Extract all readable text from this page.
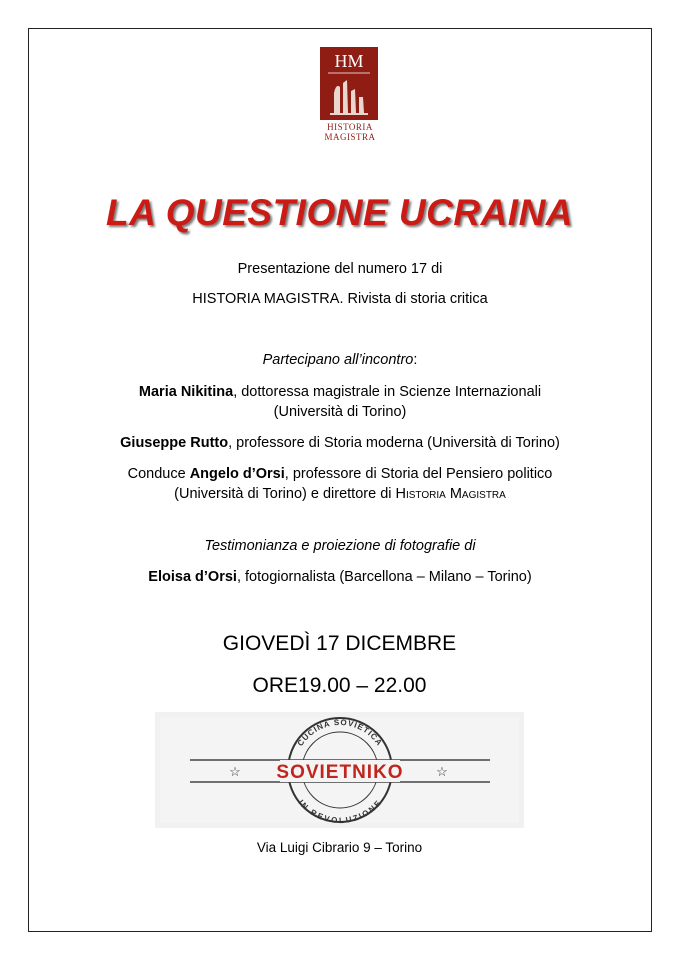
HM
HISTORIA
MAGISTRA
LA QUESTIONE UCRAINA
Presentazione del numero 17 di
HISTORIA MAGISTRA. Rivista di storia critica
Partecipano all’incontro:
Maria Nikitina, dottoressa magistrale in Scienze Internazionali
(Università di Torino)
Giuseppe Rutto, professore di Storia moderna (Università di Torino)
Conduce Angelo d’Orsi, professore di Storia del Pensiero politico
(Università di Torino) e direttore di Historia Magistra
Testimonianza e proiezione di fotografie di
Eloisa d’Orsi, fotogiornalista (Barcellona – Milano – Torino)
GIOVEDÌ 17 DICEMBRE
ORE19.00 – 22.00
CUCINA SOVIETICA
IN REVOLUZIONE
SOVIETNIKO
☆	☆
Via Luigi Cibrario 9 – Torino
